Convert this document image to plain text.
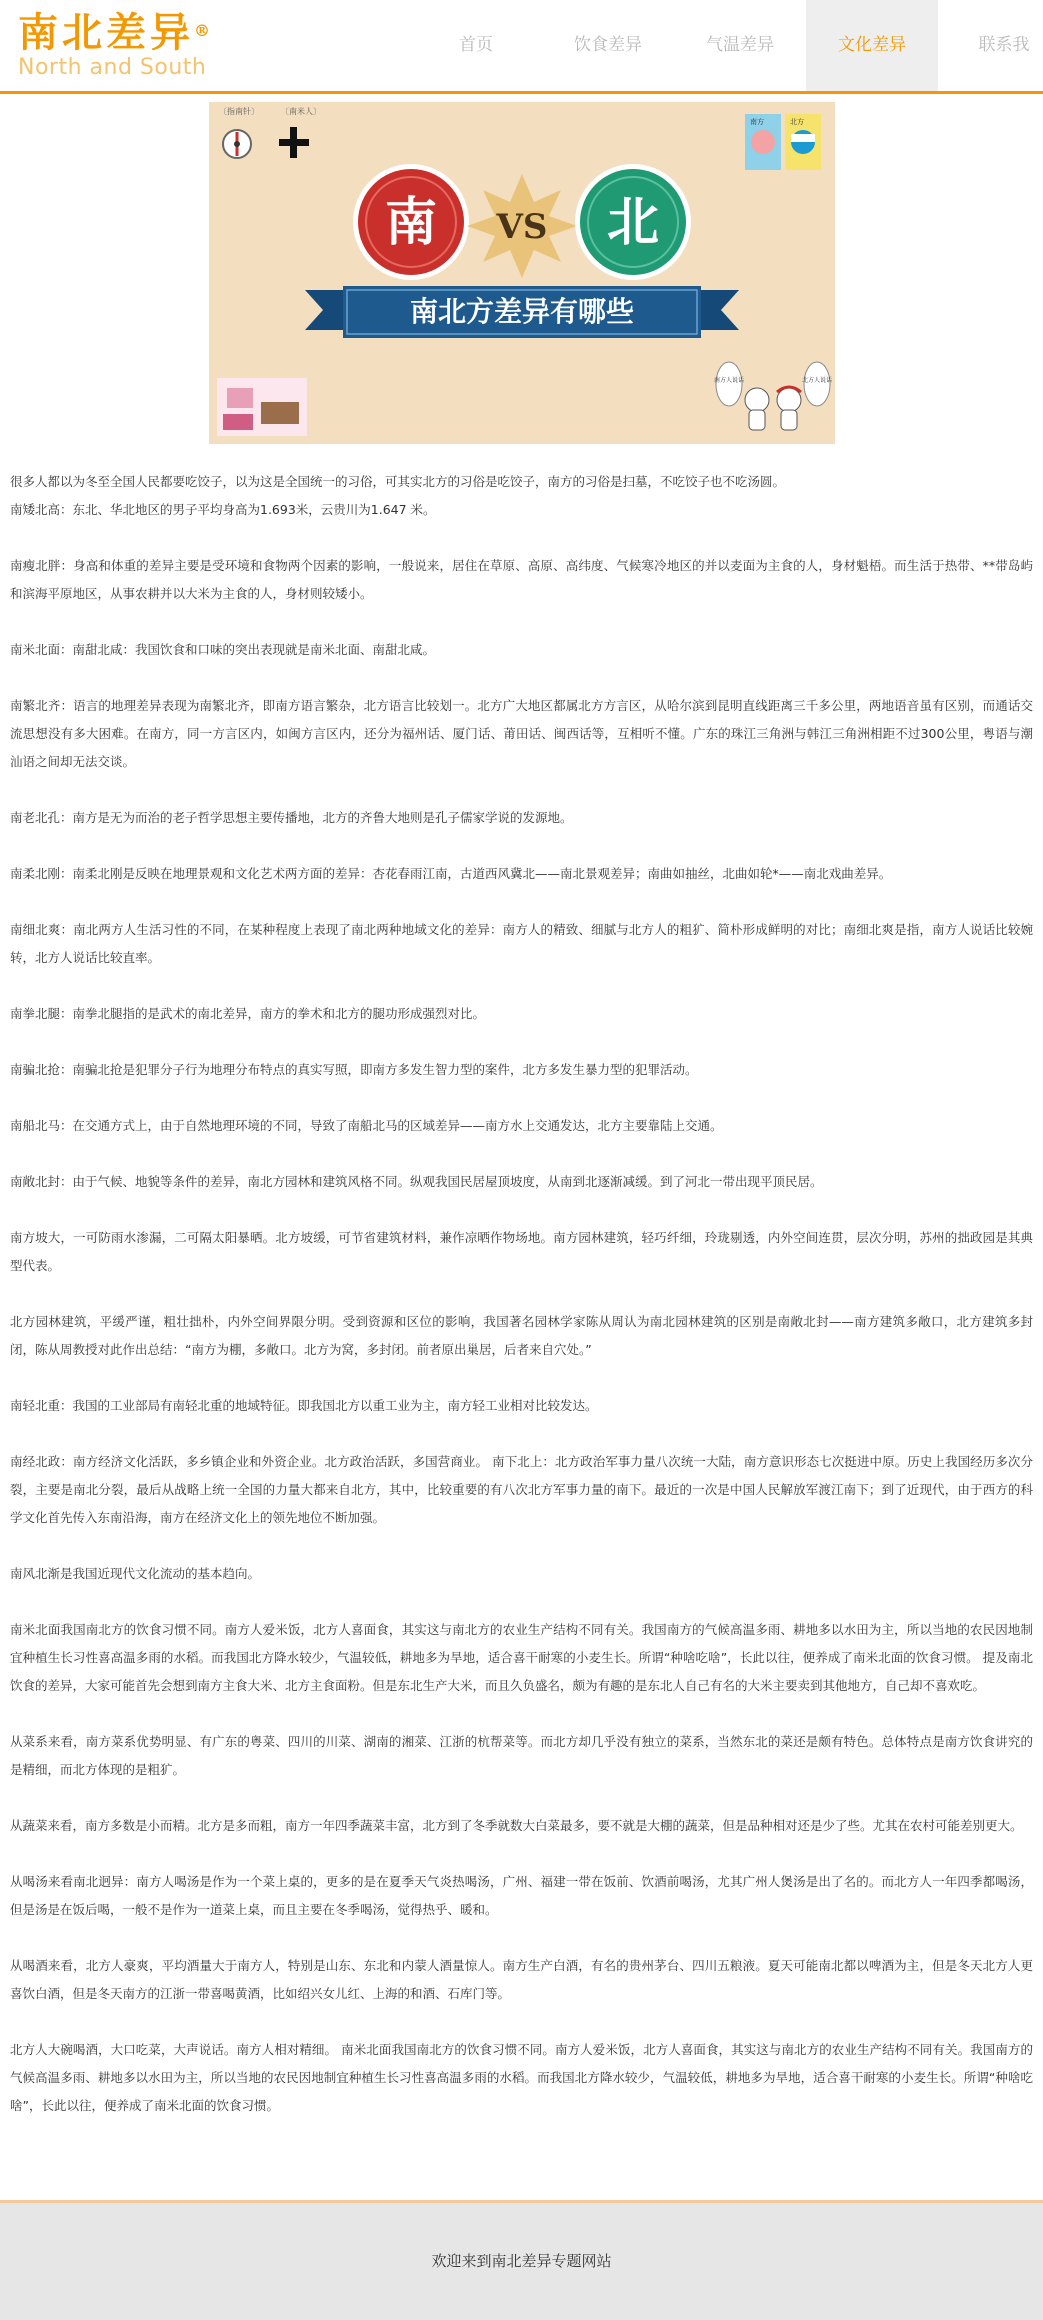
南北差异®
North and South
首页	饮食差异	气温差异	文化差异	联系我
〔指南针〕	〔南米人〕
南方	北方
南 VS 北
南北方差异有哪些
南方人说话	北方人说话

很多人都以为冬至全国人民都要吃饺子，以为这是全国统一的习俗，可其实北方的习俗是吃饺子，南方的习俗是扫墓，不吃饺子也不吃汤圆。

南矮北高：东北、华北地区的男子平均身高为1.693米，云贵川为1.647 米。

南瘦北胖：身高和体重的差异主要是受环境和食物两个因素的影响，一般说来，居住在草原、高原、高纬度、气候寒冷地区的并以麦面为主食的人，身材魁梧。而生活于热带、**带岛屿和滨海平原地区，从事农耕并以大米为主食的人，身材则较矮小。

南米北面：南甜北咸：我国饮食和口味的突出表现就是南米北面、南甜北咸。

南繁北齐：语言的地理差异表现为南繁北齐，即南方语言繁杂，北方语言比较划一。北方广大地区都属北方方言区，从哈尔滨到昆明直线距离三千多公里，两地语音虽有区别，而通话交流思想没有多大困难。在南方，同一方言区内，如闽方言区内，还分为福州话、厦门话、莆田话、闽西话等，互相听不懂。广东的珠江三角洲与韩江三角洲相距不过300公里，粤语与潮汕语之间却无法交谈。

南老北孔：南方是无为而治的老子哲学思想主要传播地，北方的齐鲁大地则是孔子儒家学说的发源地。

南柔北刚：南柔北刚是反映在地理景观和文化艺术两方面的差异：杏花春雨江南，古道西风冀北——南北景观差异；南曲如抽丝，北曲如轮*——南北戏曲差异。

南细北爽：南北两方人生活习性的不同，在某种程度上表现了南北两种地域文化的差异：南方人的精致、细腻与北方人的粗犷、简朴形成鲜明的对比；南细北爽是指，南方人说话比较婉转，北方人说话比较直率。

南拳北腿：南拳北腿指的是武术的南北差异，南方的拳术和北方的腿功形成强烈对比。

南骗北抢：南骗北抢是犯罪分子行为地理分布特点的真实写照，即南方多发生智力型的案件，北方多发生暴力型的犯罪活动。

南船北马：在交通方式上，由于自然地理环境的不同，导致了南船北马的区域差异——南方水上交通发达，北方主要靠陆上交通。

南敞北封：由于气候、地貌等条件的差异，南北方园林和建筑风格不同。纵观我国民居屋顶坡度，从南到北逐渐减缓。到了河北一带出现平顶民居。

南方坡大，一可防雨水渗漏，二可隔太阳暴晒。北方坡缓，可节省建筑材料，兼作凉晒作物场地。南方园林建筑，轻巧纤细，玲珑剔透，内外空间连贯，层次分明，苏州的拙政园是其典型代表。

北方园林建筑，平缓严谨，粗壮拙朴，内外空间界限分明。受到资源和区位的影响，我国著名园林学家陈从周认为南北园林建筑的区别是南敞北封——南方建筑多敞口，北方建筑多封闭，陈从周教授对此作出总结：“南方为棚，多敞口。北方为窝，多封闭。前者原出巢居，后者来自穴处。”

南轻北重：我国的工业部局有南轻北重的地域特征。即我国北方以重工业为主，南方轻工业相对比较发达。

南经北政：南方经济文化活跃，多乡镇企业和外资企业。北方政治活跃，多国营商业。 南下北上：北方政治军事力量八次统一大陆，南方意识形态七次挺进中原。历史上我国经历多次分裂，主要是南北分裂，最后从战略上统一全国的力量大都来自北方，其中，比较重要的有八次北方军事力量的南下。最近的一次是中国人民解放军渡江南下；到了近现代，由于西方的科学文化首先传入东南沿海，南方在经济文化上的领先地位不断加强。

南风北渐是我国近现代文化流动的基本趋向。

南米北面我国南北方的饮食习惯不同。南方人爱米饭，北方人喜面食，其实这与南北方的农业生产结构不同有关。我国南方的气候高温多雨、耕地多以水田为主，所以当地的农民因地制宜种植生长习性喜高温多雨的水稻。而我国北方降水较少，气温较低，耕地多为旱地，适合喜干耐寒的小麦生长。所谓“种啥吃啥”，长此以往，便养成了南米北面的饮食习惯。 提及南北饮食的差异，大家可能首先会想到南方主食大米、北方主食面粉。但是东北生产大米，而且久负盛名，颇为有趣的是东北人自己有名的大米主要卖到其他地方，自己却不喜欢吃。

从菜系来看，南方菜系优势明显、有广东的粤菜、四川的川菜、湖南的湘菜、江浙的杭帮菜等。而北方却几乎没有独立的菜系，当然东北的菜还是颇有特色。总体特点是南方饮食讲究的是精细，而北方体现的是粗犷。

从蔬菜来看，南方多数是小而精。北方是多而粗，南方一年四季蔬菜丰富，北方到了冬季就数大白菜最多，要不就是大棚的蔬菜，但是品种相对还是少了些。尤其在农村可能差别更大。

从喝汤来看南北迥异：南方人喝汤是作为一个菜上桌的，更多的是在夏季天气炎热喝汤，广州、福建一带在饭前、饮酒前喝汤，尤其广州人煲汤是出了名的。而北方人一年四季都喝汤，但是汤是在饭后喝，一般不是作为一道菜上桌，而且主要在冬季喝汤，觉得热乎、暖和。

从喝酒来看，北方人豪爽，平均酒量大于南方人，特别是山东、东北和内蒙人酒量惊人。南方生产白酒，有名的贵州茅台、四川五粮液。夏天可能南北都以啤酒为主，但是冬天北方人更喜饮白酒，但是冬天南方的江浙一带喜喝黄酒，比如绍兴女儿红、上海的和酒、石库门等。

北方人大碗喝酒，大口吃菜，大声说话。南方人相对精细。 南米北面我国南北方的饮食习惯不同。南方人爱米饭，北方人喜面食，其实这与南北方的农业生产结构不同有关。我国南方的气候高温多雨、耕地多以水田为主，所以当地的农民因地制宜种植生长习性喜高温多雨的水稻。而我国北方降水较少，气温较低，耕地多为旱地，适合喜干耐寒的小麦生长。所谓“种啥吃啥”，长此以往，便养成了南米北面的饮食习惯。

欢迎来到南北差异专题网站
